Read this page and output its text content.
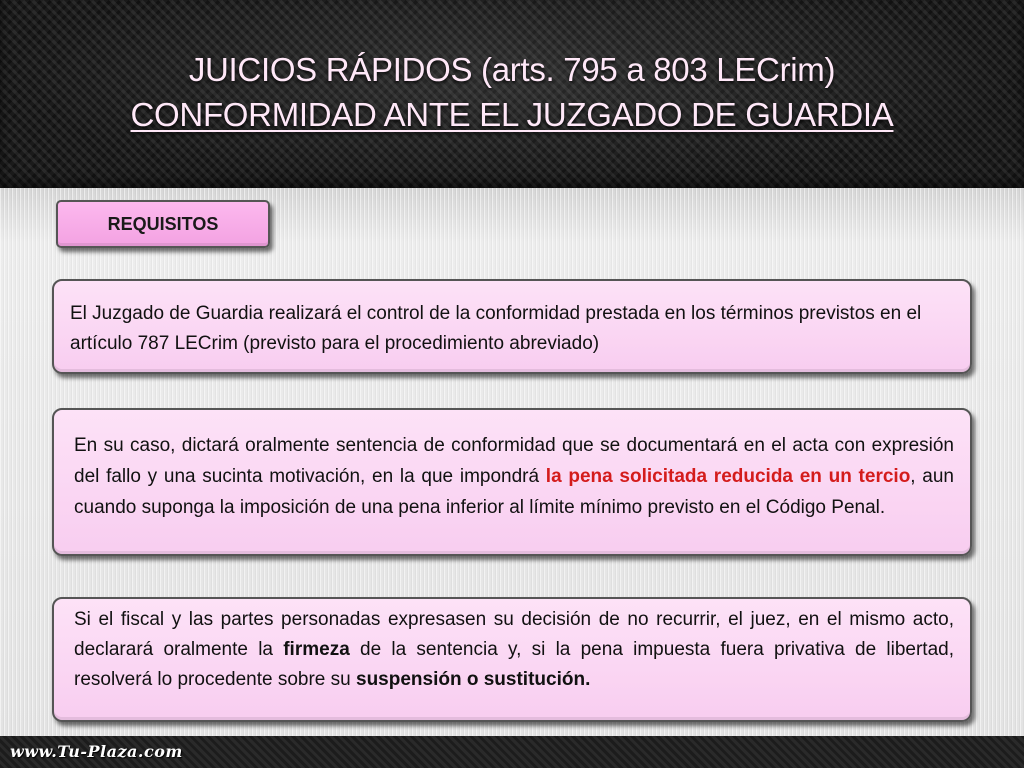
JUICIOS RÁPIDOS (arts. 795 a 803 LECrim)
CONFORMIDAD ANTE EL JUZGADO DE GUARDIA
REQUISITOS
El Juzgado de Guardia realizará el control de la conformidad prestada en los términos previstos en el artículo 787 LECrim (previsto para el procedimiento abreviado)
En su caso, dictará oralmente sentencia de conformidad que se documentará en el acta con expresión del fallo y una sucinta motivación, en la que impondrá la pena solicitada reducida en un tercio, aun cuando suponga la imposición de una pena inferior al límite mínimo previsto en el Código Penal.
Si el fiscal y las partes personadas expresasen su decisión de no recurrir, el juez, en el mismo acto, declarará oralmente la firmeza de la sentencia y, si la pena impuesta fuera privativa de libertad, resolverá lo procedente sobre su suspensión o sustitución.
www.Tu-Plaza.com
